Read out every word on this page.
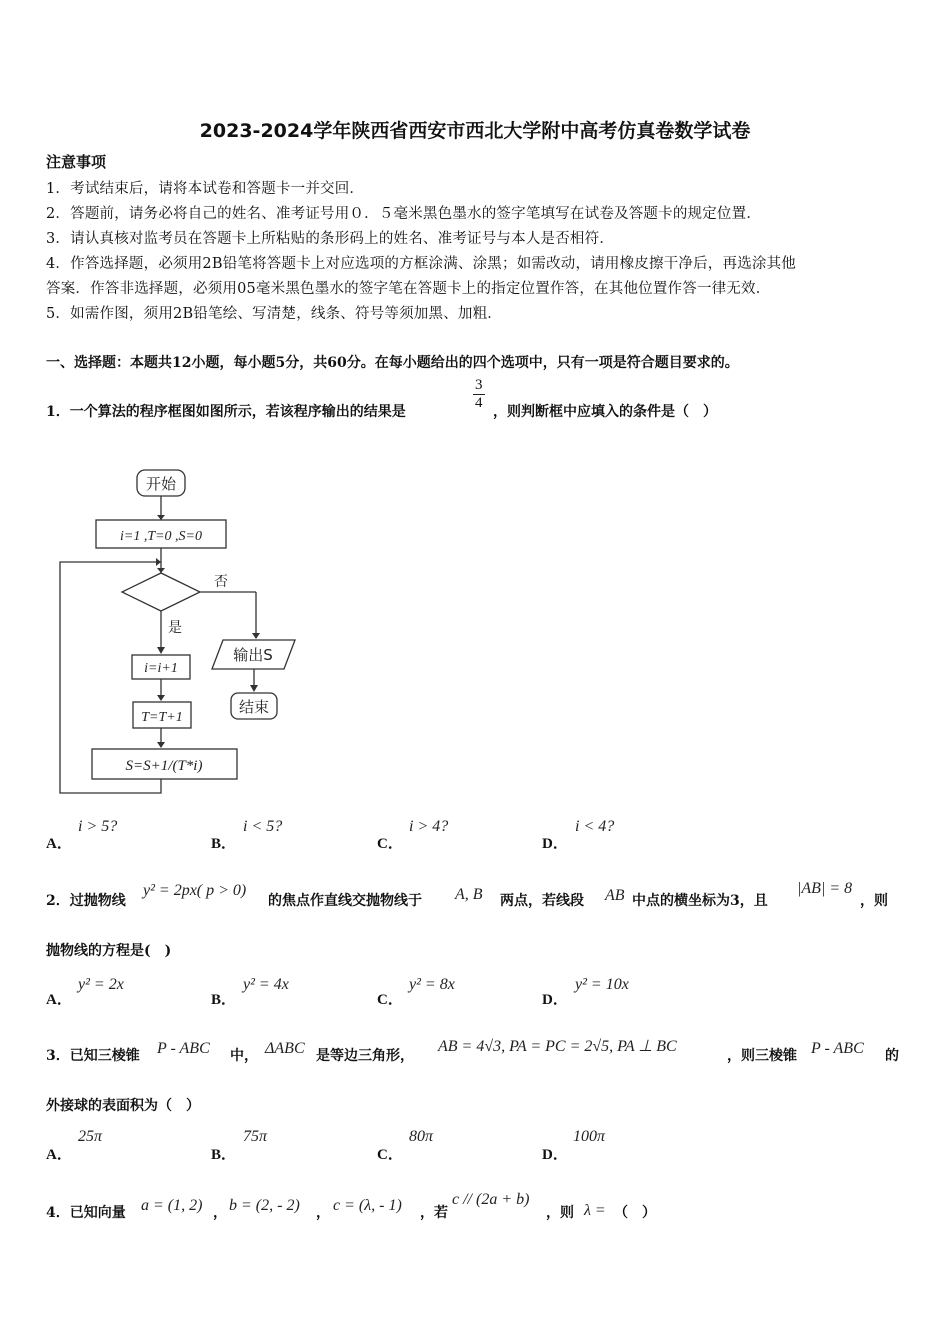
2023-2024学年陕西省西安市西北大学附中高考仿真卷数学试卷
注意事项
1．考试结束后，请将本试卷和答题卡一并交回．
2．答题前，请务必将自己的姓名、准考证号用０．５毫米黑色墨水的签字笔填写在试卷及答题卡的规定位置．
3．请认真核对监考员在答题卡上所粘贴的条形码上的姓名、准考证号与本人是否相符．
4．作答选择题，必须用2B铅笔将答题卡上对应选项的方框涂满、涂黑；如需改动，请用橡皮擦干净后，再选涂其他
答案．作答非选择题，必须用05毫米黑色墨水的签字笔在答题卡上的指定位置作答，在其他位置作答一律无效．
5．如需作图，须用2B铅笔绘、写清楚，线条、符号等须加黑、加粗．
一、选择题：本题共12小题，每小题5分，共60分。在每小题给出的四个选项中，只有一项是符合题目要求的。
1．一个算法的程序框图如图所示，若该程序输出的结果是	$\frac{3}{4}$ ，则判断框中应填入的条件是（　）
开始
i=1 ,T=0 ,S=0
否
是
i=i+1
T=T+1
S=S+1/(T*i)
输出S
结束
A．
i > 5?
B．
i < 5?
C．
i > 4?
D．
i < 4?
2．过抛物线
y² = 2px( p > 0)
的焦点作直线交抛物线于 A, B 两点，若线段 AB 中点的横坐标为3，且
|AB| = 8
，则
抛物线的方程是(　)
A．
y² = 2x
B．
y² = 4x
C．
y² = 8x
D．
y² = 10x
3．已知三棱锥 P - ABC 中， ΔABC 是等边三角形，
AB = 4√3, PA = PC = 2√5, PA ⊥ BC
，则三棱锥 P - ABC 的
外接球的表面积为（　）
A．
25π
B．
75π
C．
80π
D．
100π
4．已知向量 a = (1, 2) ， b = (2, - 2) ， c = (λ, - 1) ，若
c // (2a + b)
，则 λ = （　）
